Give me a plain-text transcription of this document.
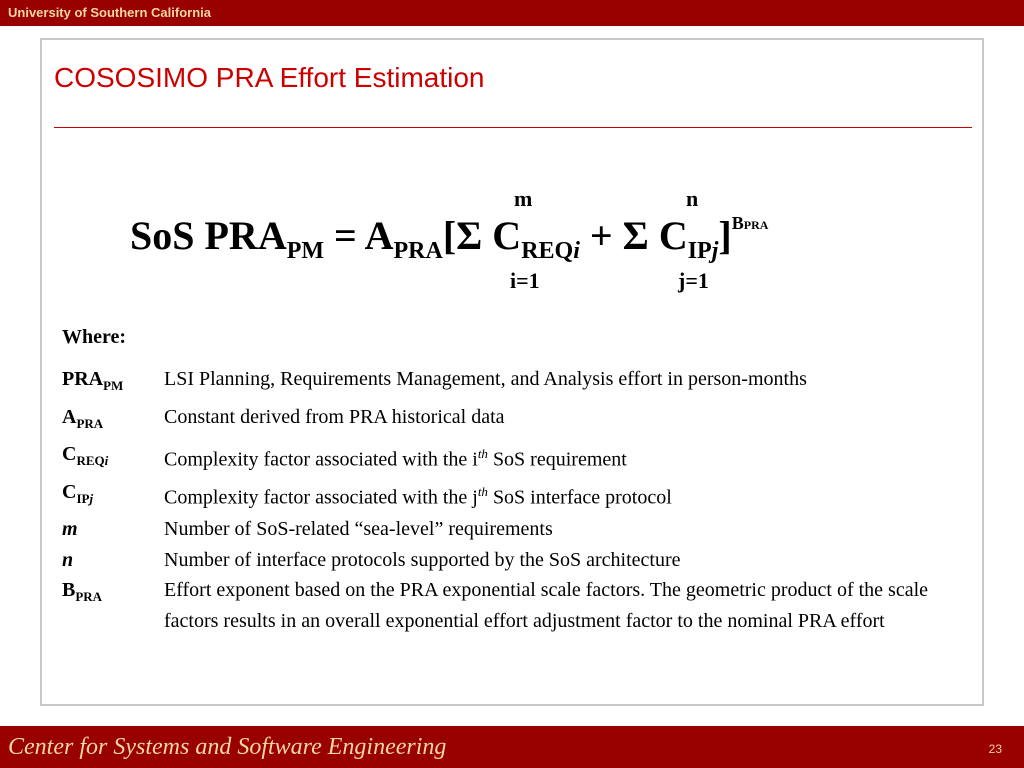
University of Southern California
COSOSIMO PRA Effort Estimation
m	n
SoS $PRA_{PM} = A_{PRA}[\Sigma$ $C_{REQi} + \Sigma$ $C_{IPj}]^{BPRA}$
i=1	j=1
Where:
$PRA_{PM}$	LSI Planning, Requirements Management, and Analysis effort in person-months
$A_{PRA}$	Constant derived from PRA historical data
$C_{REQi}$	Complexity factor associated with the $i^{th}$ SoS requirement
$C_{IPj}$	Complexity factor associated with the $j^{th}$ SoS interface protocol
m	Number of SoS-related “sea-level” requirements
n	Number of interface protocols supported by the SoS architecture
$B_{PRA}$	Effort exponent based on the PRA exponential scale factors. The geometric product of the scale factors results in an overall exponential effort adjustment factor to the nominal PRA effort
Center for Systems and Software Engineering	23
